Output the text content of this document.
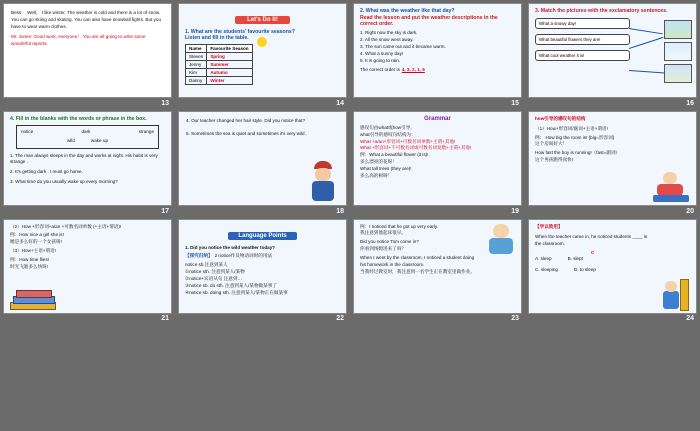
Bess： Well， I like winter. The weather is cold and there is a lot of snow. You can go skiing and skating. You can also have snowball fights. But you have to wear warm clothes.
Mr. Jones: Good work, everyone！ You are all going to write some wonderful reports.
13
Let's Do It!
1. What are the students' favourite seasons?
Listen and fill in the table.
Name	Favourite Season
Steven	Spring
Jenny	Summer
Kim	Autumn
Danny	Winter
14
2. What was the weather like that day?
Read the lesson and put the weather descriptions in the correct order.
1. Right now the sky is dark.
2. All the snow went away.
3. The sun came out and it became warm.
4. What a sunny day!
5. It is going to rain.
The correct order is 4, 3, 2, 1, 5
15
3. Match the pictures with the exclamatory sentences.
What a snowy day!
What beautiful flowers they are!
What cool weather it is!
16
4. Fill in the blanks with the words or phrase in the box.
notice	dark	strange
wild	wake up
1. The man always sleeps in the day and works at night. His habit is very strange .
2. It's getting dark . I must go home.
3. What time do you usually wake up every morning?
17
4. Our teacher changed her hair style. Did you notice that?
5. Sometimes the sea is quiet and sometimes it's very wild .
18
Grammar
感叹句由what或how引导，
what引导的感叹句结构为：
What +a/an+形容词+可数名词单数+主谓+其他!
What +形容词+不可数名词或可数名词复数+主谓+其他!
例：What a beautiful flower (it is)!
多么漂亮的花呀！
What tall trees (they are)!
多么高的树呀！
19
how引导的感叹句的结构
（1）How+形容词/副词+主语+谓语!
例： How big the room is! (big=形容词)
这个房间好大！
How fast the boy is running!（fast=副词）
这个男孩跑得真快!
20
（2）How +形容词+a/an +可数名词单数 (+主语+谓语)!
例：How nice a girl she is!
她是多么好的一个女孩呀!
（3）How+主语+谓语!
例：How time flies!
时光飞逝多么快呀!
21
Language Points
1. Did you notice the wild weather today?
【探究归纳】 2 notice作及物动词时的用法
notice sb.注意到某人
①notice sth. 注意到某人/某物
②notice+宾语从句 注意到…
③notice sb. do sth. 注意到某人/某物做某事了
④notice sb. doing sth. 注意到某人/某物正在做某事
22
例：I noticed that he got up very early.
我注意到他起床很早。
Did you notice Tom come in?
你看到汤姆进来了吗？
When I went by the classroom, I noticed a student doing his homework in the classroom.
当我经过教室时，我注意到一名学生正在教室里做作业。
23
【学以致用】
When the teacher came in, he noticed students ____ in the classroom.
C
A. sleep	B. slept
C. sleeping	D. to sleep
24
